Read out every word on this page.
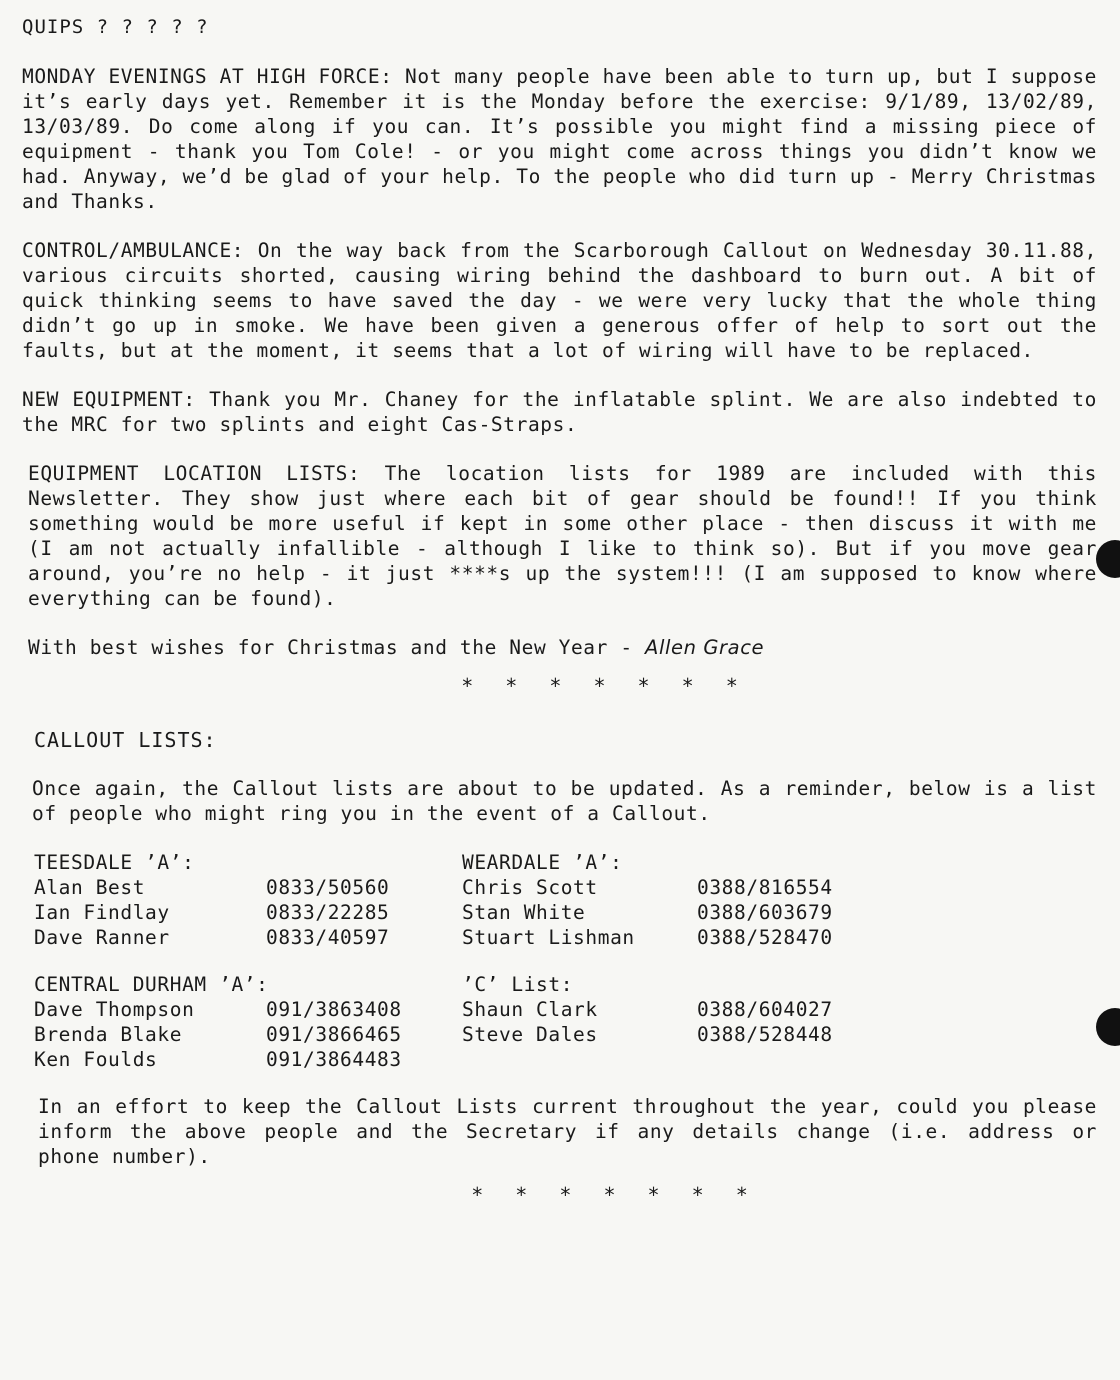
QUIPS ? ? ? ? ?

MONDAY EVENINGS AT HIGH FORCE: Not many people have been able to turn up, but I suppose it’s early days yet. Remember it is the Monday before the exercise: 9/1/89, 13/02/89, 13/03/89. Do come along if you can. It’s possible you might find a missing piece of equipment - thank you Tom Cole! - or you might come across things you didn’t know we had. Anyway, we’d be glad of your help. To the people who did turn up - Merry Christmas and Thanks.

CONTROL/AMBULANCE: On the way back from the Scarborough Callout on Wednesday 30.11.88, various circuits shorted, causing wiring behind the dashboard to burn out. A bit of quick thinking seems to have saved the day - we were very lucky that the whole thing didn’t go up in smoke. We have been given a generous offer of help to sort out the faults, but at the moment, it seems that a lot of wiring will have to be replaced.

NEW EQUIPMENT: Thank you Mr. Chaney for the inflatable splint. We are also indebted to the MRC for two splints and eight Cas-Straps.

EQUIPMENT LOCATION LISTS: The location lists for 1989 are included with this Newsletter. They show just where each bit of gear should be found!! If you think something would be more useful if kept in some other place - then discuss it with me (I am not actually infallible - although I like to think so). But if you move gear around, you’re no help - it just ****s up the system!!! (I am supposed to know where everything can be found).

With best wishes for Christmas and the New Year - Allen Grace

* * * * * * *
CALLOUT LISTS:

Once again, the Callout lists are about to be updated. As a reminder, below is a list of people who might ring you in the event of a Callout.

TEESDALE ’A’:	WEARDALE ’A’:
Alan Best	0833/50560	Chris Scott	0388/816554
Ian Findlay	0833/22285	Stan White	0388/603679
Dave Ranner	0833/40597	Stuart Lishman	0388/528470
CENTRAL DURHAM ’A’:	’C’ List:
Dave Thompson	091/3863408	Shaun Clark	0388/604027
Brenda Blake	091/3866465	Steve Dales	0388/528448
Ken Foulds	091/3864483

In an effort to keep the Callout Lists current throughout the year, could you please inform the above people and the Secretary if any details change (i.e. address or phone number).

* * * * * * *
